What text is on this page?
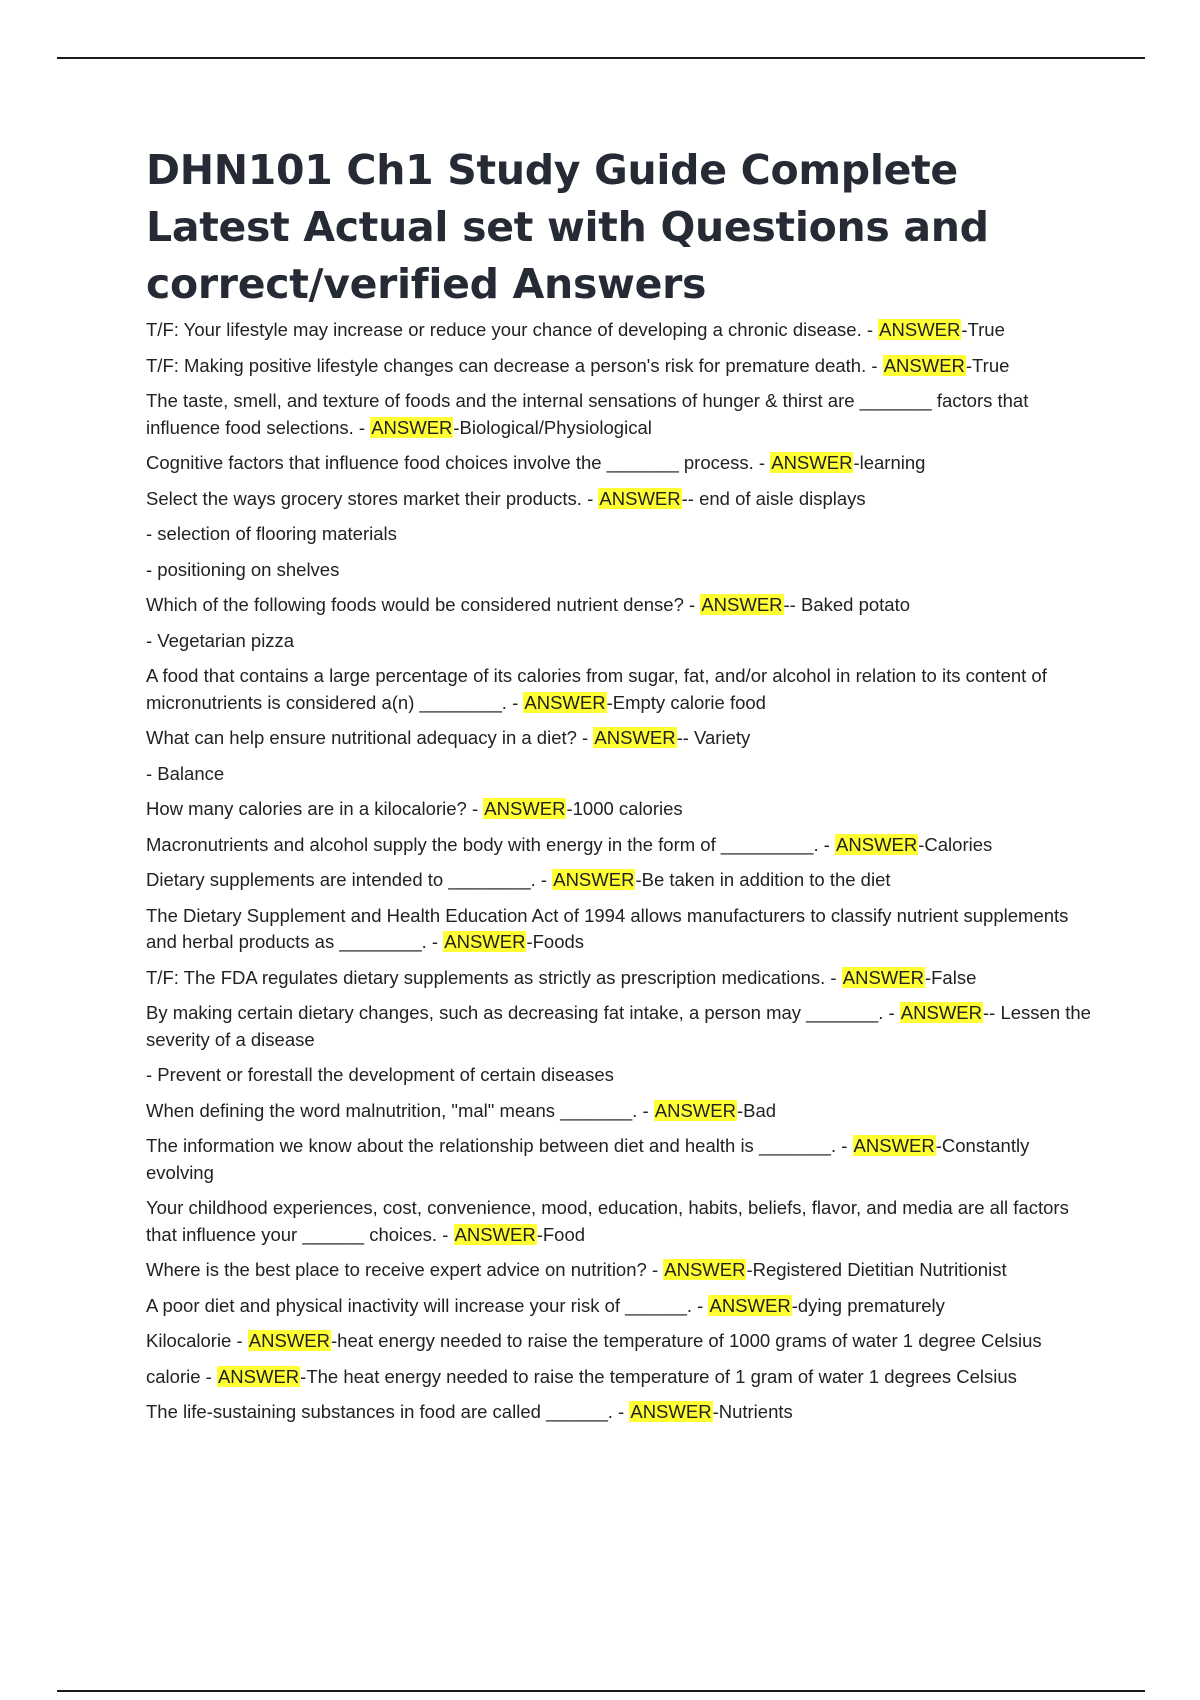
DHN101 Ch1 Study Guide Complete Latest Actual set with Questions and correct/verified Answers

T/F: Your lifestyle may increase or reduce your chance of developing a chronic disease. - ANSWER-True

T/F: Making positive lifestyle changes can decrease a person's risk for premature death. - ANSWER-True

The taste, smell, and texture of foods and the internal sensations of hunger & thirst are _______ factors that influence food selections. - ANSWER-Biological/Physiological

Cognitive factors that influence food choices involve the _______ process. - ANSWER-learning

Select the ways grocery stores market their products. - ANSWER-- end of aisle displays

- selection of flooring materials

- positioning on shelves

Which of the following foods would be considered nutrient dense? - ANSWER-- Baked potato

- Vegetarian pizza

A food that contains a large percentage of its calories from sugar, fat, and/or alcohol in relation to its content of micronutrients is considered a(n) ________. - ANSWER-Empty calorie food

What can help ensure nutritional adequacy in a diet? - ANSWER-- Variety

- Balance

How many calories are in a kilocalorie? - ANSWER-1000 calories

Macronutrients and alcohol supply the body with energy in the form of _________. - ANSWER-Calories

Dietary supplements are intended to ________. - ANSWER-Be taken in addition to the diet

The Dietary Supplement and Health Education Act of 1994 allows manufacturers to classify nutrient supplements and herbal products as ________. - ANSWER-Foods

T/F: The FDA regulates dietary supplements as strictly as prescription medications. - ANSWER-False

By making certain dietary changes, such as decreasing fat intake, a person may _______. - ANSWER-- Lessen the severity of a disease

- Prevent or forestall the development of certain diseases

When defining the word malnutrition, "mal" means _______. - ANSWER-Bad

The information we know about the relationship between diet and health is _______. - ANSWER-Constantly evolving

Your childhood experiences, cost, convenience, mood, education, habits, beliefs, flavor, and media are all factors that influence your ______ choices. - ANSWER-Food

Where is the best place to receive expert advice on nutrition? - ANSWER-Registered Dietitian Nutritionist

A poor diet and physical inactivity will increase your risk of ______. - ANSWER-dying prematurely

Kilocalorie - ANSWER-heat energy needed to raise the temperature of 1000 grams of water 1 degree Celsius

calorie - ANSWER-The heat energy needed to raise the temperature of 1 gram of water 1 degrees Celsius

The life-sustaining substances in food are called ______. - ANSWER-Nutrients
